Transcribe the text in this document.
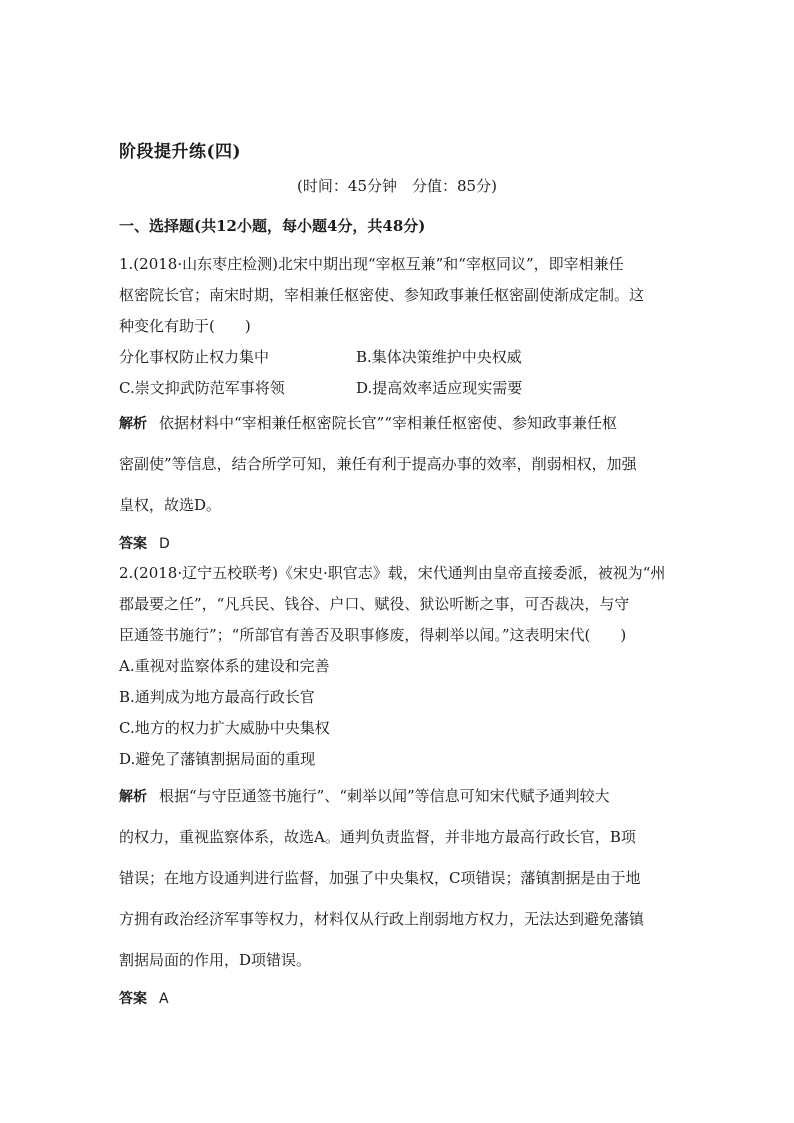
阶段提升练(四)
(时间：45分钟　分值：85分)
一、选择题(共12小题，每小题4分，共48分)
1.(2018·山东枣庄检测)北宋中期出现“宰枢互兼”和“宰枢同议”，即宰相兼任
枢密院长官；南宋时期，宰相兼任枢密使、参知政事兼任枢密副使渐成定制。这
种变化有助于(　　)
分化事权防止权力集中	B.集体决策维护中央权威
C.崇文抑武防范军事将领	D.提高效率适应现实需要
解析 依据材料中“宰相兼任枢密院长官”“宰相兼任枢密使、参知政事兼任枢
密副使”等信息，结合所学可知，兼任有利于提高办事的效率，削弱相权，加强
皇权，故选D。
答案 D
2.(2018·辽宁五校联考)《宋史·职官志》载，宋代通判由皇帝直接委派，被视为“州
郡最要之任”，“凡兵民、钱谷、户口、赋役、狱讼听断之事，可否裁决，与守
臣通签书施行”；“所部官有善否及职事修废，得刺举以闻。”这表明宋代(　　)
A.重视对监察体系的建设和完善
B.通判成为地方最高行政长官
C.地方的权力扩大威胁中央集权
D.避免了藩镇割据局面的重现
解析 根据“与守臣通签书施行”、“刺举以闻”等信息可知宋代赋予通判较大
的权力，重视监察体系，故选A。通判负责监督，并非地方最高行政长官，B项
错误；在地方设通判进行监督，加强了中央集权，C项错误；藩镇割据是由于地
方拥有政治经济军事等权力，材料仅从行政上削弱地方权力，无法达到避免藩镇
割据局面的作用，D项错误。
答案 A
